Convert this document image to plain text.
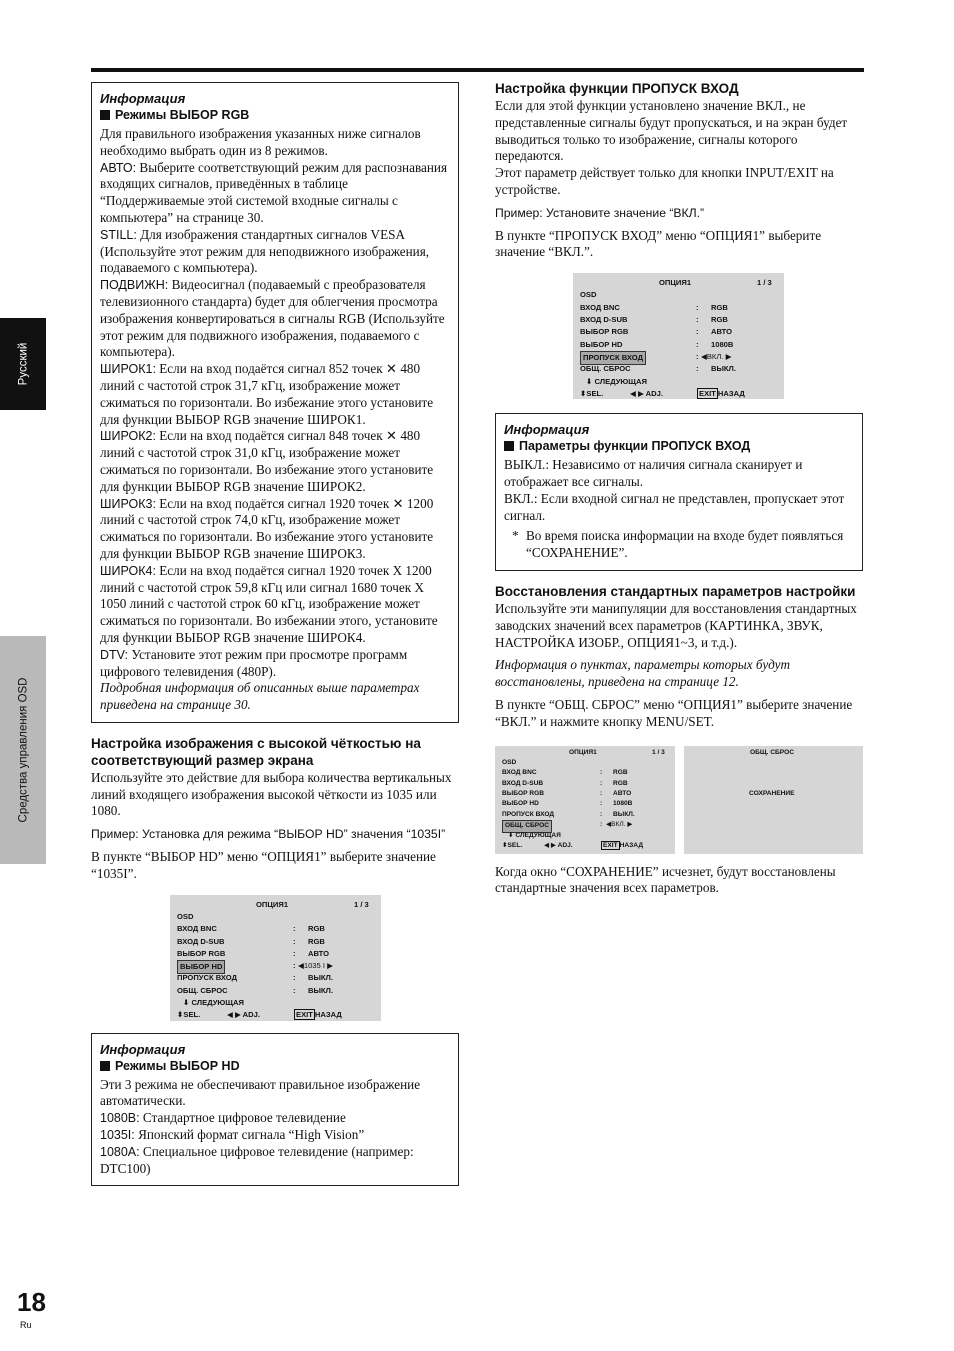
Русский
Средства управления OSD
18
Ru
Информация
Режимы ВЫБОР RGB

Для правильного изображения указанных ниже сигналов необходимо выбрать один из 8 режимов.

АВТО: Выберите соответствующий режим для распознавания входящих сигналов, приведённых в таблице “Поддерживаемые этой системой входные сигналы с компьютера” на странице 30.

STILL: Для изображения стандартных сигналов VESA (Используйте этот режим для неподвижного изображения, подаваемого с компьютера).

ПОДВИЖН: Видеосигнал (подаваемый с преобразователя телевизионного стандарта) будет для облегчения просмотра изображения конвертироваться в сигналы RGB (Используйте этот режим для подвижного изображения, подаваемого с компьютера).

ШИРОК1: Если на вход подаётся сигнал 852 точек ✕ 480 линий с частотой строк 31,7 кГц, изображение может сжиматься по горизонтали. Во избежание этого установите для функции ВЫБОР RGB значение ШИРОК1.

ШИРОК2: Если на вход подаётся сигнал 848 точек ✕ 480 линий с частотой строк 31,0 кГц, изображение может сжиматься по горизонтали. Во избежание этого установите для функции ВЫБОР RGB значение ШИРОК2.

ШИРОК3: Если на вход подаётся сигнал 1920 точек ✕ 1200 линий с частотой строк 74,0 кГц, изображение может сжиматься по горизонтали. Во избежание этого установите для функции ВЫБОР RGB значение ШИРОК3.

ШИРОК4: Если на вход подаётся сигнал 1920 точек X 1200 линий с частотой строк 59,8 кГц или сигнал 1680 точек X 1050 линий с частотой строк 60 кГц, изображение может сжиматься по горизонтали. Во избежании этого, установите для функции ВЫБОР RGB значение ШИРОК4.

DTV: Установите этот режим при просмотре программ цифрового телевидения (480P).

Подробная информация об описанных выше параметрах приведена на странице 30.

Настройка изображения с высокой чёткостью на соответствующий размер экрана

Используйте это действие для выбора количества вертикальных линий входящего изображения высокой чёткости из 1035 или 1080.

Пример: Установка для режима “ВЫБОР HD” значения “1035I”

В пункте “ВЫБОР HD” меню “ОПЦИЯ1” выберите значение “1035I”.

ОПЦИЯ1	1 / 3
OSD
ВХОД BNC	: RGB
ВХОД D-SUB	: RGB
ВЫБОР RGB	: АВТО
ВЫБОР HD	: ◀1035 I ▶
ПРОПУСК ВХОД	: ВЫКЛ.
ОБЩ. СБРОС	: ВЫКЛ.
⬇ СЛЕДУЮЩАЯ
⬍SEL.	◀ ▶ ADJ.	EXIT НАЗАД
Информация
Режимы ВЫБОР HD

Эти 3 режима не обеспечивают правильное изображение автоматически.

1080B: Стандартное цифровое телевидение

1035I: Японский формат сигнала “High Vision”

1080A: Специальное цифровое телевидение (например: DTC100)

Настройка функции ПРОПУСК ВХОД

Если для этой функции установлено значение ВКЛ., не представленные сигналы будут пропускаться, и на экран будет выводиться только то изображение, сигналы которого передаются.

Этот параметр действует только для кнопки INPUT/EXIT на устройстве.

Пример: Установите значение “ВКЛ.”

В пункте “ПРОПУСК ВХОД” меню “ОПЦИЯ1” выберите значение “ВКЛ.”.

ОПЦИЯ1	1 / 3
OSD
ВХОД BNC	: RGB
ВХОД D-SUB	: RGB
ВЫБОР RGB	: АВТО
ВЫБОР HD	: 1080B
ПРОПУСК ВХОД	: ◀ВКЛ. ▶
ОБЩ. СБРОС	: ВЫКЛ.
⬇ СЛЕДУЮЩАЯ
⬍SEL.	◀ ▶ ADJ.	EXIT НАЗАД
Информация
Параметры функции ПРОПУСК ВХОД

ВЫКЛ.: Независимо от наличия сигнала сканирует и отображает все сигналы.

ВКЛ.: Если входной сигнал не представлен, пропускает этот сигнал.

* Во время поиска информации на входе будет появляться “СОХРАНЕНИЕ”.
Восстановления стандартных параметров настройки

Используйте эти манипуляции для восстановления стандартных заводских значений всех параметров (КАРТИНКА, ЗВУК, НАСТРОЙКА ИЗОБР., ОПЦИЯ1~3, и т.д.).

Информация о пунктах, параметры которых будут восстановлены, приведена на странице 12.

В пункте “ОБЩ. СБРОС” меню “ОПЦИЯ1” выберите значение “ВКЛ.” и нажмите кнопку MENU/SET.

ОПЦИЯ1	1 / 3
OSD
ВХОД BNC	: RGB
ВХОД D-SUB	: RGB
ВЫБОР RGB	: АВТО
ВЫБОР HD	: 1080B
ПРОПУСК ВХОД	: ВЫКЛ.
ОБЩ. СБРОС	: ◀ВКЛ. ▶
⬇ СЛЕДУЮЩАЯ
⬍SEL.	◀ ▶ ADJ.	EXIT НАЗАД
ОБЩ. СБРОС
СОХРАНЕНИЕ

Когда окно “СОХРАНЕНИЕ” исчезнет, будут восстановлены стандартные значения всех параметров.
